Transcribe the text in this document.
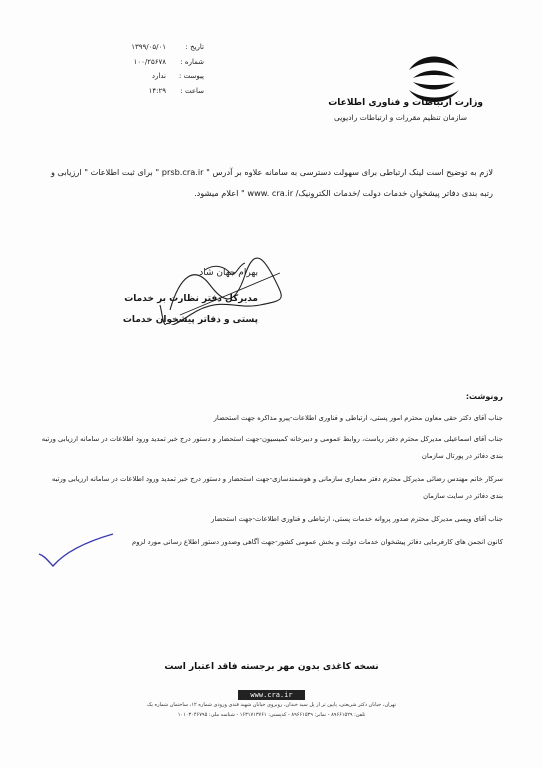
تاریخ :
۱۳۹۹/۰۵/۰۱
شماره :
۱۰۰/۲۵۶۷۸
پیوست :
ندارد
ساعت :
۱۴:۲۹
وزارت ارتباطات و فناوری اطلاعات
سازمان تنظیم مقررات و ارتباطات رادیویی
لازم به توضیح است لینک ارتباطی برای سهولت دسترسی به سامانه علاوه بر آدرس " prsb.cra.ir " برای ثبت اطلاعات " ارزیابی و رتبه بندی دفاتر پیشخوان خدمات دولت /خدمات الکترونیک/ www. cra.ir " اعلام میشود.
بهرام جهان شاد
مدیرکل دفتر نظارت بر خدمات
پستی و دفاتر پیشخوان خدمات
رونوشت:
جناب آقای دکتر حقی معاون محترم امور پستی، ارتباطی و فناوری اطلاعات-پیرو مذاکره جهت استحضار
جناب آقای اسماعیلی مدیرکل محترم دفتر ریاست، روابط عمومی و دبیرخانه کمیسیون-جهت استحضار و دستور درج خبر تمدید ورود اطلاعات در سامانه ارزیابی ورتبه بندی دفاتر در پورتال سازمان
سرکار خانم مهندس رضائی مدیرکل محترم دفتر معماری سازمانی و هوشمندسازی-جهت استحضار و دستور درج خبر تمدید ورود اطلاعات در سامانه ارزیابی ورتبه بندی دفاتر در سایت سازمان
جناب آقای ویسی مدیرکل محترم صدور پروانه خدمات پستی، ارتباطی و فناوری اطلاعات-جهت استحضار
کانون انجمن های کارفرمایی دفاتر پیشخوان خدمات دولت و بخش عمومی کشور-جهت آگاهی وصدور دستور اطلاع رسانی مورد لزوم
نسخه کاغذی بدون مهر برجسته فاقد اعتبار است
www.cra.ir
تهران، خیابان دکتر شریعتی، پایین تر از پل سید خندان، روبروی خیابان شهید قندی ورودی شماره ۱۲، ساختمان شماره یک
تلفن: ۸۹۶۶۱۵۲۹ - نمابر: ۸۹۶۶۱۵۳۹ - کدپستی: ۱۶۳۱۷۱۳۷۶۱ - شناسه ملی: ۱۰۱۰۳۰۴۶۷۹۵
